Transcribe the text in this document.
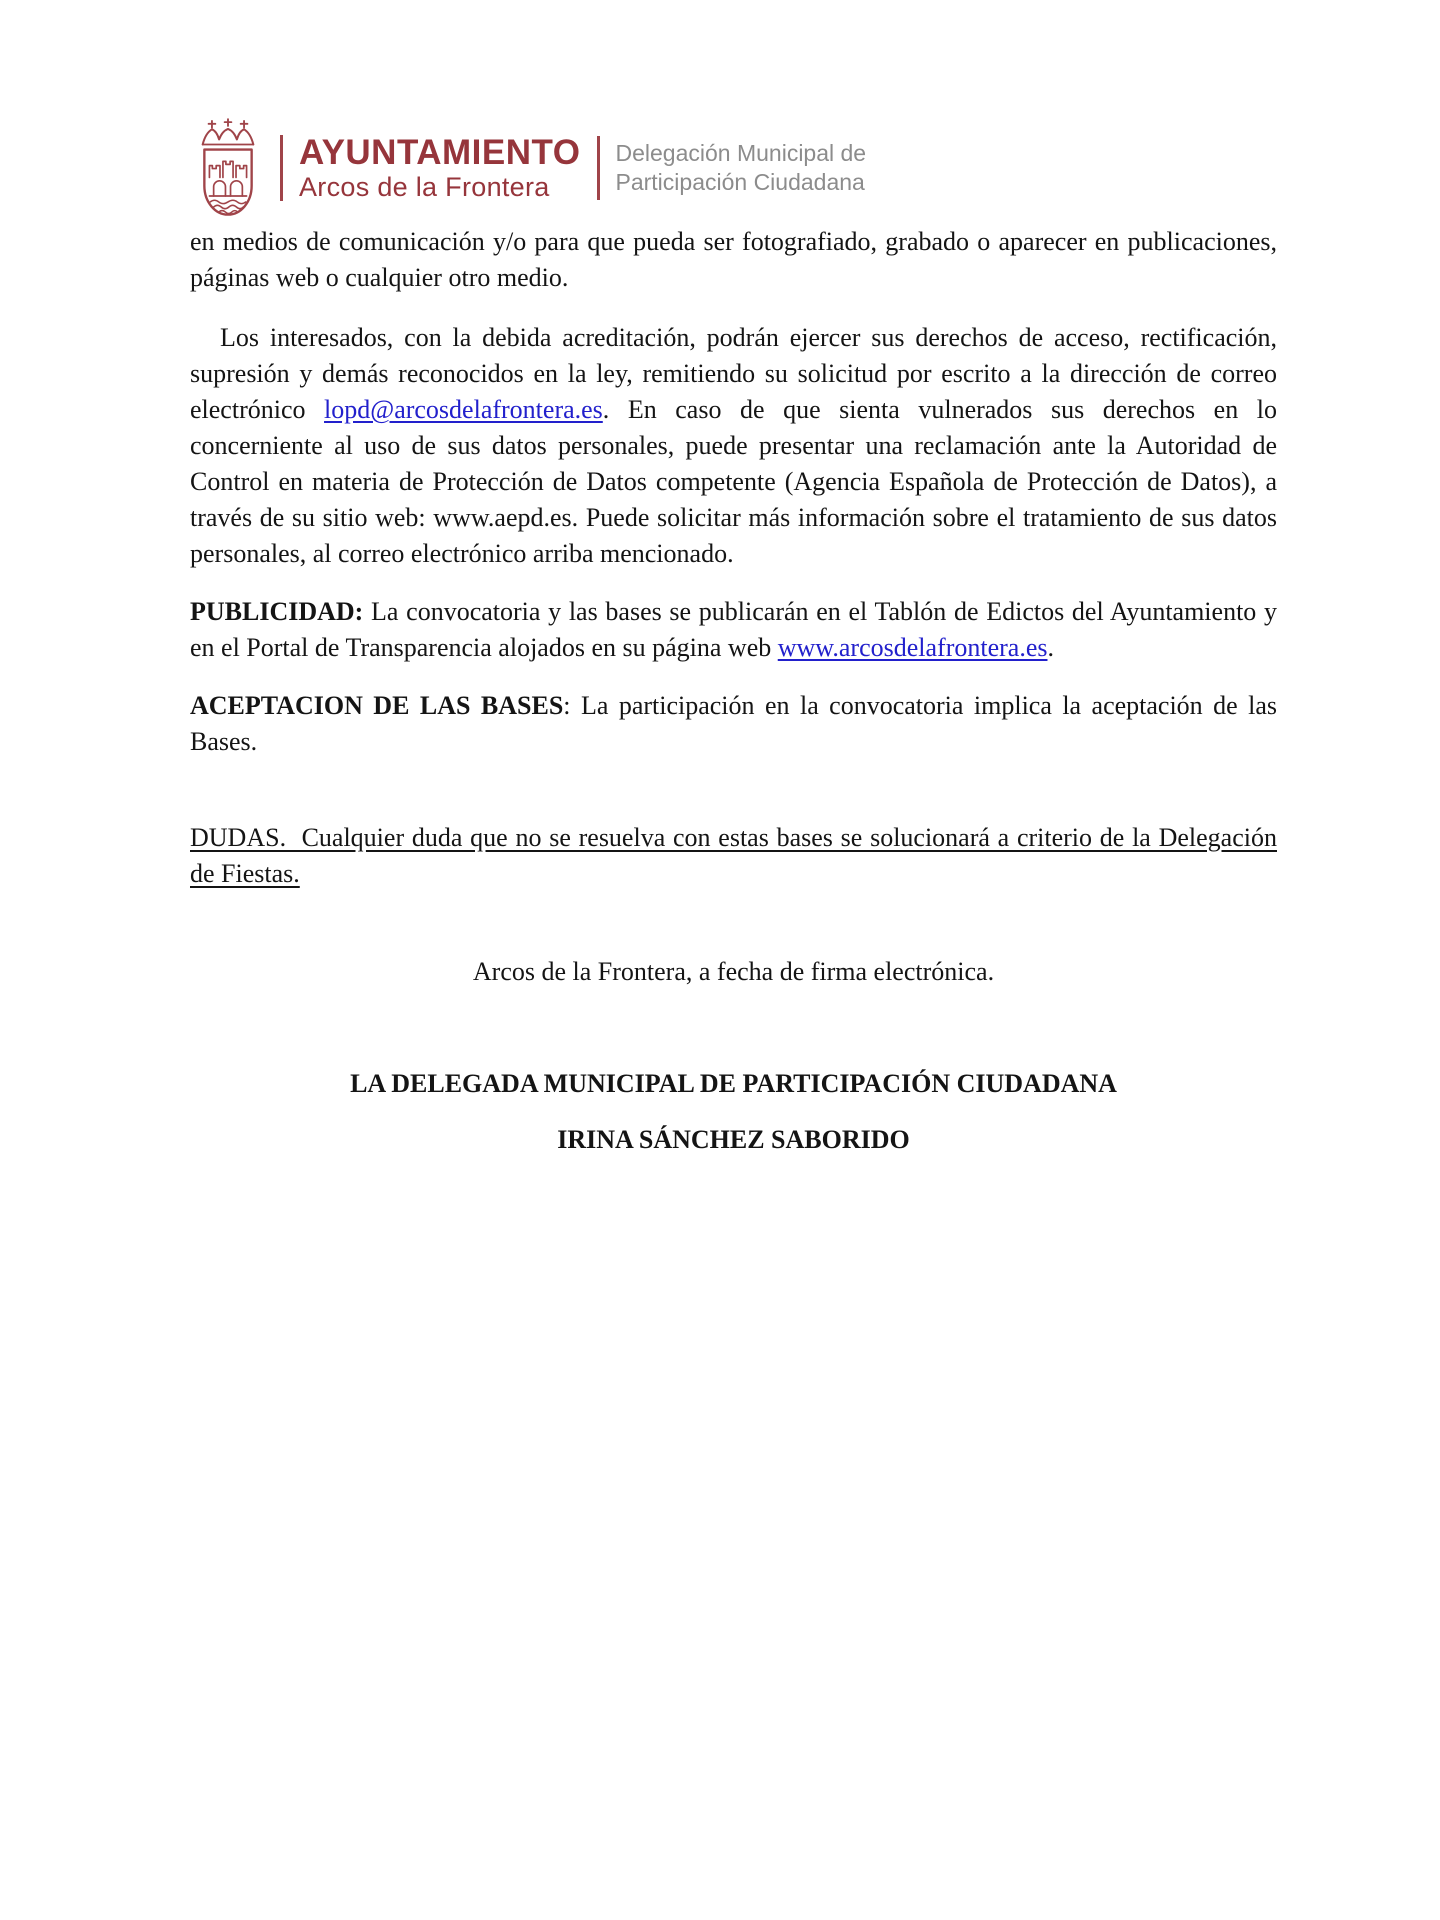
AYUNTAMIENTO
Arcos de la Frontera
Delegación Municipal de
Participación Ciudadana

en medios de comunicación y/o para que pueda ser fotografiado, grabado o aparecer en publicaciones, páginas web o cualquier otro medio.

Los interesados, con la debida acreditación, podrán ejercer sus derechos de acceso, rectificación, supresión y demás reconocidos en la ley, remitiendo su solicitud por escrito a la dirección de correo electrónico lopd@arcosdelafrontera.es. En caso de que sienta vulnerados sus derechos en lo concerniente al uso de sus datos personales, puede presentar una reclamación ante la Autoridad de Control en materia de Protección de Datos competente (Agencia Española de Protección de Datos), a través de su sitio web: www.aepd.es. Puede solicitar más información sobre el tratamiento de sus datos personales, al correo electrónico arriba mencionado.

PUBLICIDAD: La convocatoria y las bases se publicarán en el Tablón de Edictos del Ayuntamiento y en el Portal de Transparencia alojados en su página web www.arcosdelafrontera.es.

ACEPTACION DE LAS BASES: La participación en la convocatoria implica la aceptación de las Bases.

DUDAS.  Cualquier duda que no se resuelva con estas bases se solucionará a criterio de la Delegación de Fiestas.

Arcos de la Frontera, a fecha de firma electrónica.

LA DELEGADA MUNICIPAL DE PARTICIPACIÓN CIUDADANA

IRINA SÁNCHEZ SABORIDO
